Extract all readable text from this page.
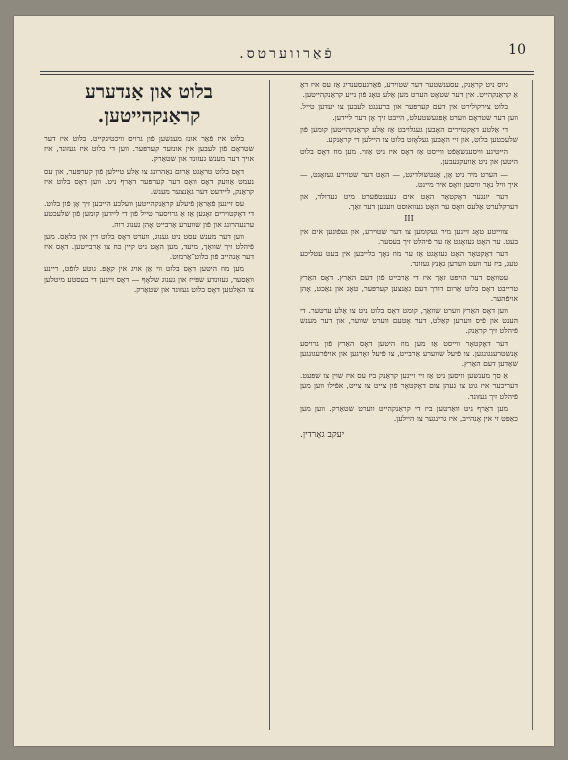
פֿאַרווערטס.	10
בלוט און אַנדערע
קראַנקהייטען.

בלוט איז פֿאַר אונז מענשען פֿון גרויס וויכטיגקייט. בלוט איז דער שטראָם פֿון לעבען אין אונזער קערפּער. ווען די בלוט איז געזונד, איז אויך דער מענש געזונד און שטאַרק.

דאָס בלוט טראָגט אַרום נאַהרונג צו אַלע טיילען פֿון קערפּער, און עס נעמט אַוועק דאָס וואָס דער קערפּער דאַרף ניט. ווען דאָס בלוט איז קראַנק, ליידעט דער גאַנצער מענש.

עס זיינען פֿאַראַן פֿיעלע קראַנקהייטען וועלכע הייבען זיך אָן פֿון בלוט. די דאָקטוירים זאָגען אַז אַ גרויסער טייל פֿון די ליידען קומען פֿון שלעכטע ערנעהרונג און פֿון שווערע אַרבייט אָהן גענוג רוה.

ווען דער מענש עסט ניט גענוג, ווערט דאָס בלוט דין און בלאַס. מען פֿיהלט זיך שוואַך, מיעד, מען האָט ניט קיין כח צו אַרבייטען. דאָס איז דער אָנהייב פֿון בלוט־אַרמוט.

מען מוז היטען דאָס בלוט ווי אַן אויג אין קאָפּ. גוטע לופֿט, ריינע וואַסער, געזונדע שפּייז און גענוג שלאָף — דאָס זיינען די בעסטע מיטלען צו האַלטען דאָס בלוט געזונד און שטאַרק.

גיוס ניט קראַנק, עסענשטער דער שטוירע, פֿאַרגעסענדיג אַז עס איז דאָ אַ קראַנקהייט. אין דער שטאָט הערט מען אַלע טאָג פֿון נייע קראַנקהייטען.

בלוט צירקולירט אין דעם קערפּער און ברענגט לעבען צו יעדען טייל. ווען דער שטראָם ווערט אָפּגעשטעלט, הייבט זיך אָן דער ליידען.

די אַלטע דאָקטוירים האָבען געגלויבט אַז אַלע קראַנקהייטען קומען פֿון שלעכטען בלוט, און זיי האָבען געלאָזט בלוט צו היילען די קראַנקע.

הייטיגע וויסענשאַפֿט ווייסט אַז דאָס איז ניט אַזוי. מען מוז דאָס בלוט היטען און ניט אַוועקגעבען.

— הערט מיר ניט אָן, אַנטשולדיגט, — האָט דער שטוירע געזאָגט, — איך וויל נאָר וויסען וואָס איר מיינט.

דער יונגער דאָקטאָר האָט אים געענטפֿערט מיט געדולד, און דערקלערט אַלעס וואָס ער האָט געוואוסט וועגען דער זאַך.

III

צווייטע טאָג זיינען מיר געקומען צו דער שטוירע, און געפֿונען אים אין בעט. ער האָט געזאָגט אַז ער פֿיהלט זיך בעסער.

דער דאָקטאָר האָט געזאָגט אַז ער מוז נאָך בלייבען אין בעט עטליכע טעג, ביז ער וועט ווערען גאַנץ געזונד.

עטוואָס דער הויפּט זאַך איז די אַרבייט פֿון דעם האַרץ. דאָס האַרץ טרייבט דאָס בלוט אַרום דורך דעם גאַנצען קערפּער, טאָג און נאַכט, אָהן אויפֿהער.

ווען דאָס האַרץ ווערט שוואַך, קומט דאָס בלוט ניט צו אַלע ערטער. די הענט און פֿיס ווערען קאַלט, דער אָטעם ווערט שווער, און דער מענש פֿיהלט זיך קראַנק.

דער דאָקטאָר ווייסט אַז מען מוז היטען דאָס האַרץ פֿון גרויסע אָנשטרענגונגען. צו פֿיעל שווערע אַרבייט, צו פֿיעל זאָרגען און אויפֿרעגונגען שאַדען דעם האַרץ.

אַ סך מענשען וויסען ניט אַז זיי זיינען קראַנק ביז עס איז שוין צו שפּעט. דעריבער איז גוט צו געהן צום דאָקטאָר פֿון צייט צו צייט, אפֿילו ווען מען פֿיהלט זיך געזונד.

מען דאַרף ניט וואַרטען ביז די קראַנקהייט ווערט שטאַרק. ווען מען כאַפּט זי אין אָנהייב, איז גרינגער צו היילען.

יעקב גאָרדין.
